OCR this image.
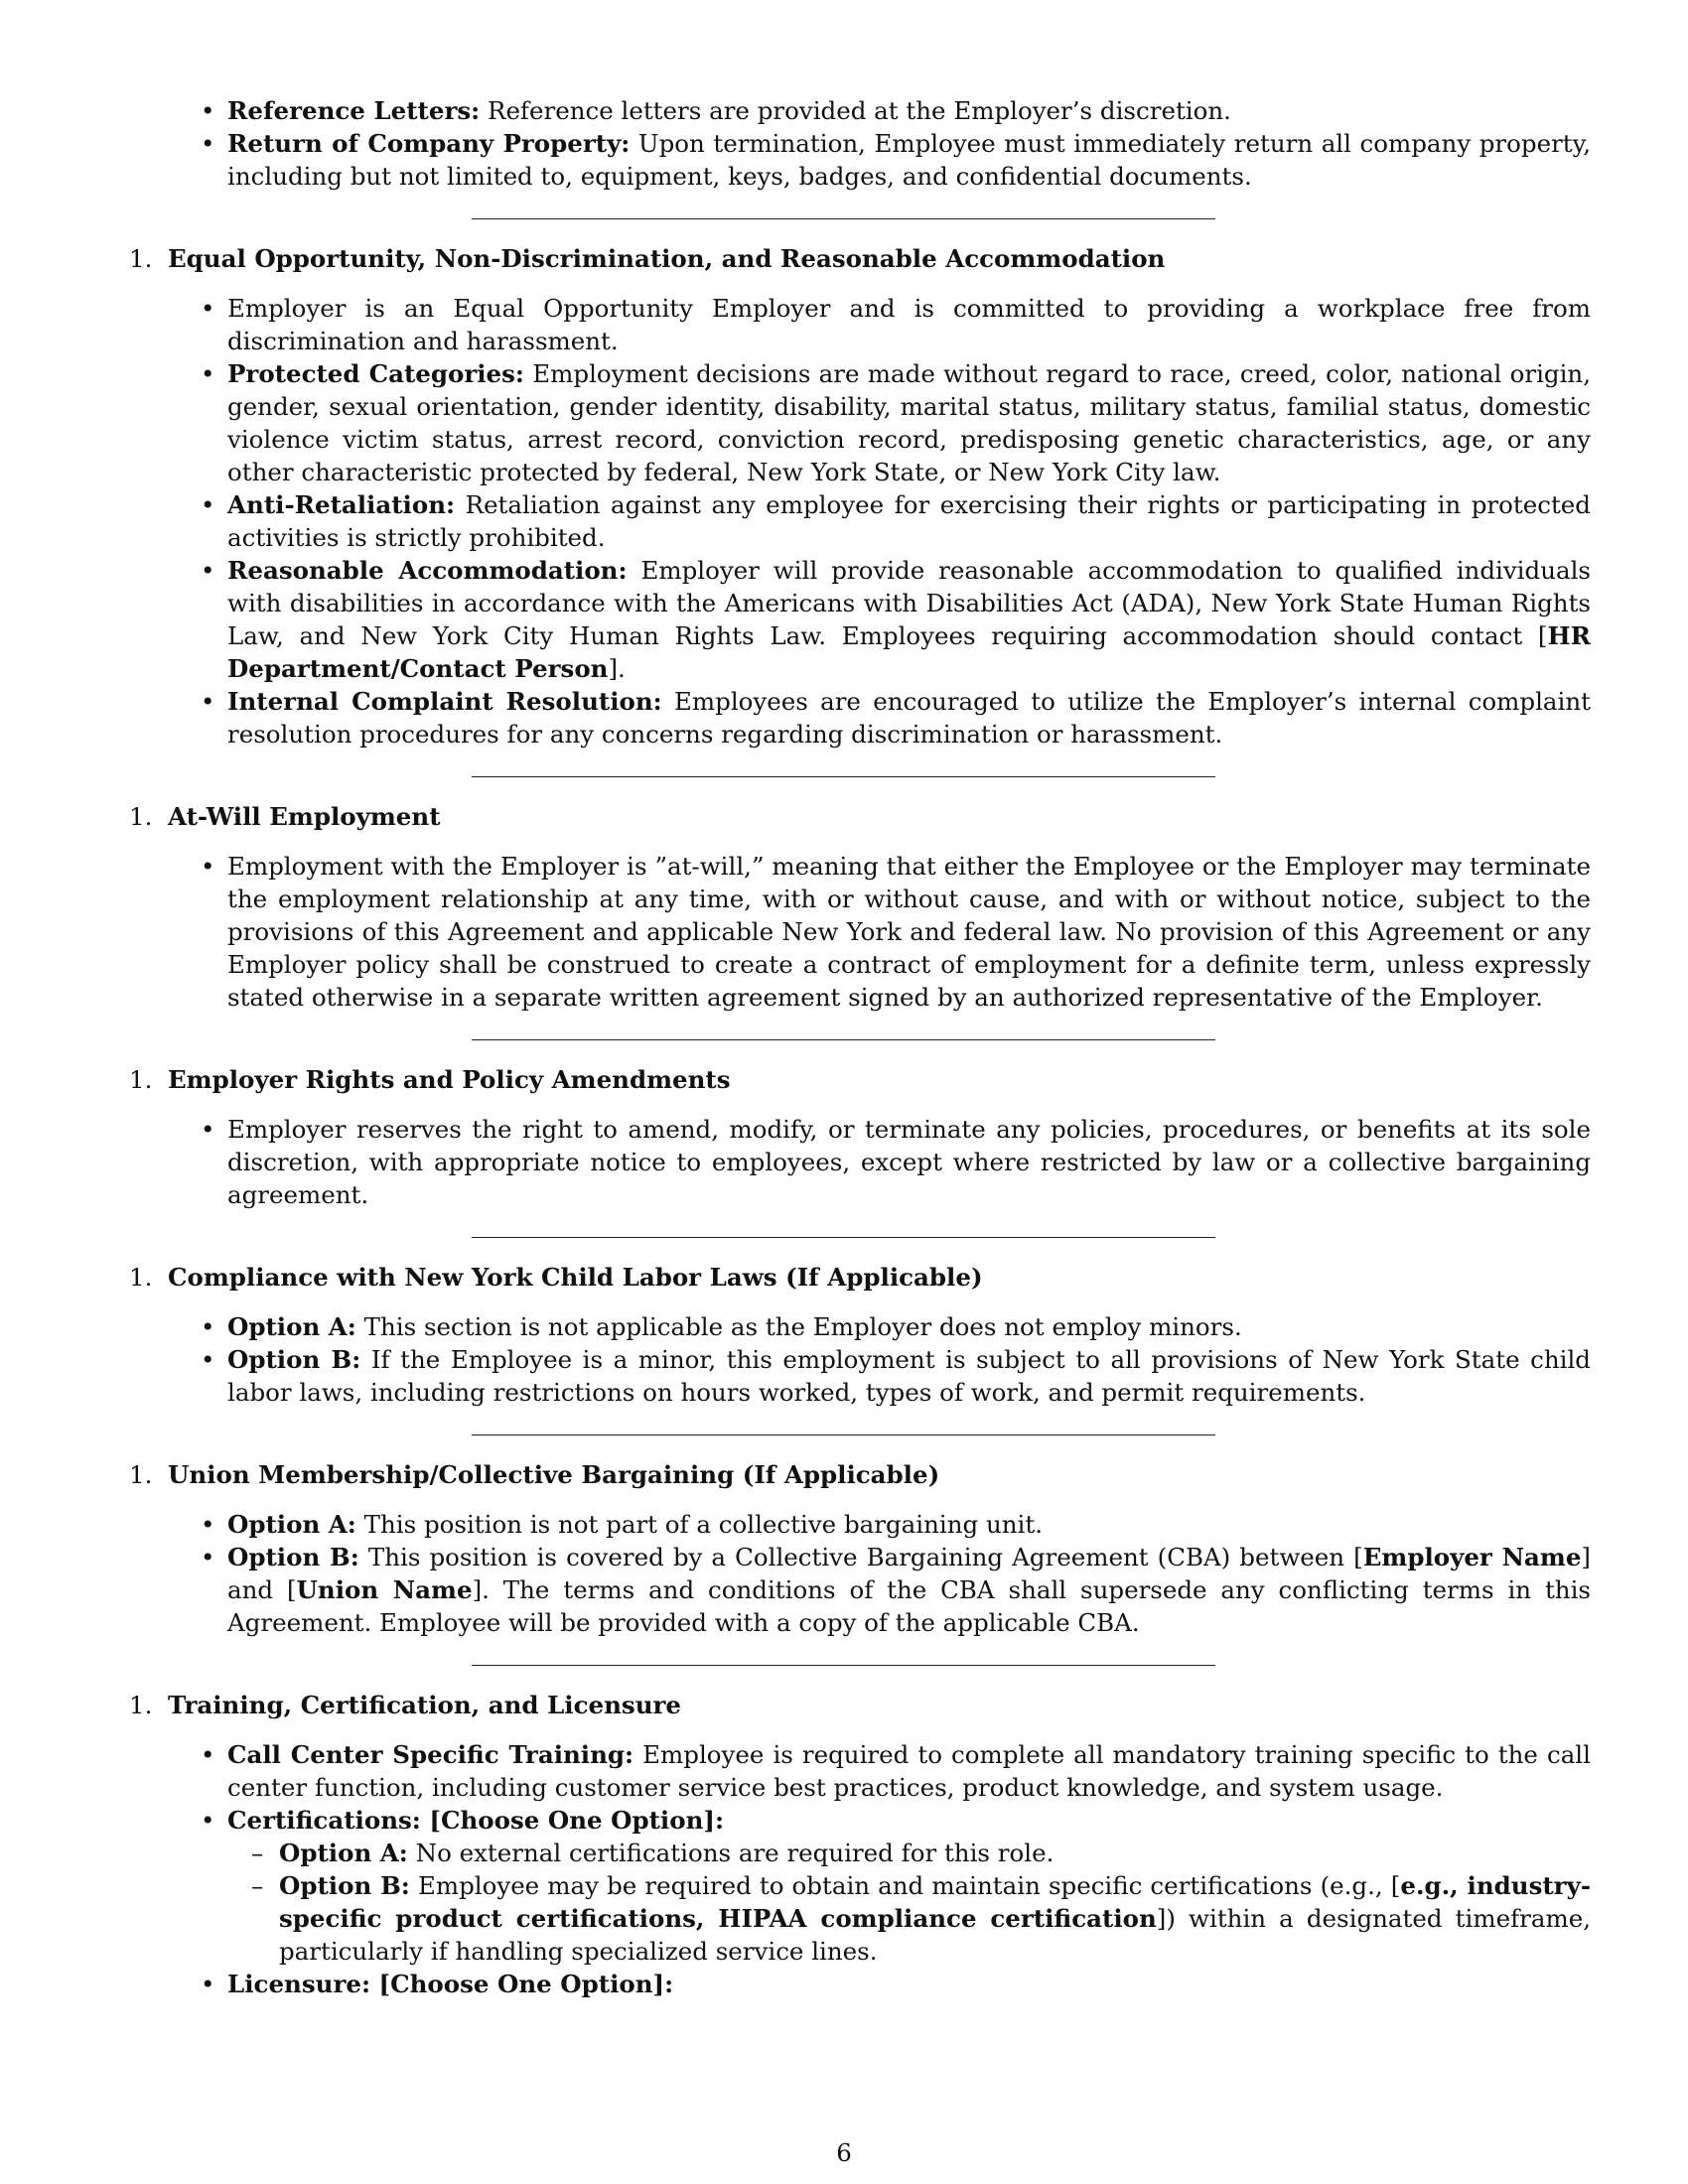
• Reference Letters: Reference letters are provided at the Employer’s discretion.
• Return of Company Property: Upon termination, Employee must immediately return all company property, including but not limited to, equipment, keys, badges, and confidential documents.
1. Equal Opportunity, Non-Discrimination, and Reasonable Accommodation
• Employer is an Equal Opportunity Employer and is committed to providing a workplace free from discrimination and harassment.
• Protected Categories: Employment decisions are made without regard to race, creed, color, national origin, gender, sexual orientation, gender identity, disability, marital status, military status, familial status, domestic violence victim status, arrest record, conviction record, predisposing genetic characteristics, age, or any other characteristic protected by federal, New York State, or New York City law.
• Anti-Retaliation: Retaliation against any employee for exercising their rights or participating in protected activities is strictly prohibited.
• Reasonable Accommodation: Employer will provide reasonable accommodation to qualified individuals with disabilities in accordance with the Americans with Disabilities Act (ADA), New York State Human Rights Law, and New York City Human Rights Law. Employees requiring accommodation should contact [HR Department/Contact Person].
• Internal Complaint Resolution: Employees are encouraged to utilize the Employer’s internal complaint resolution procedures for any concerns regarding discrimination or harassment.
1. At-Will Employment
• Employment with the Employer is ”at-will,” meaning that either the Employee or the Employer may terminate the employment relationship at any time, with or without cause, and with or without notice, subject to the provisions of this Agreement and applicable New York and federal law. No provision of this Agreement or any Employer policy shall be construed to create a contract of employment for a definite term, unless expressly stated otherwise in a separate written agreement signed by an authorized representative of the Employer.
1. Employer Rights and Policy Amendments
• Employer reserves the right to amend, modify, or terminate any policies, procedures, or benefits at its sole discretion, with appropriate notice to employees, except where restricted by law or a collective bargaining agreement.
1. Compliance with New York Child Labor Laws (If Applicable)
• Option A: This section is not applicable as the Employer does not employ minors.
• Option B: If the Employee is a minor, this employment is subject to all provisions of New York State child labor laws, including restrictions on hours worked, types of work, and permit requirements.
1. Union Membership/Collective Bargaining (If Applicable)
• Option A: This position is not part of a collective bargaining unit.
• Option B: This position is covered by a Collective Bargaining Agreement (CBA) between [Employer Name] and [Union Name]. The terms and conditions of the CBA shall supersede any conflicting terms in this Agreement. Employee will be provided with a copy of the applicable CBA.
1. Training, Certification, and Licensure
• Call Center Specific Training: Employee is required to complete all mandatory training specific to the call center function, including customer service best practices, product knowledge, and system usage.
• Certifications: [Choose One Option]:
– Option A: No external certifications are required for this role.
– Option B: Employee may be required to obtain and maintain specific certifications (e.g., [e.g., industry-specific product certifications, HIPAA compliance certification]) within a designated timeframe, particularly if handling specialized service lines.
• Licensure: [Choose One Option]:
6
